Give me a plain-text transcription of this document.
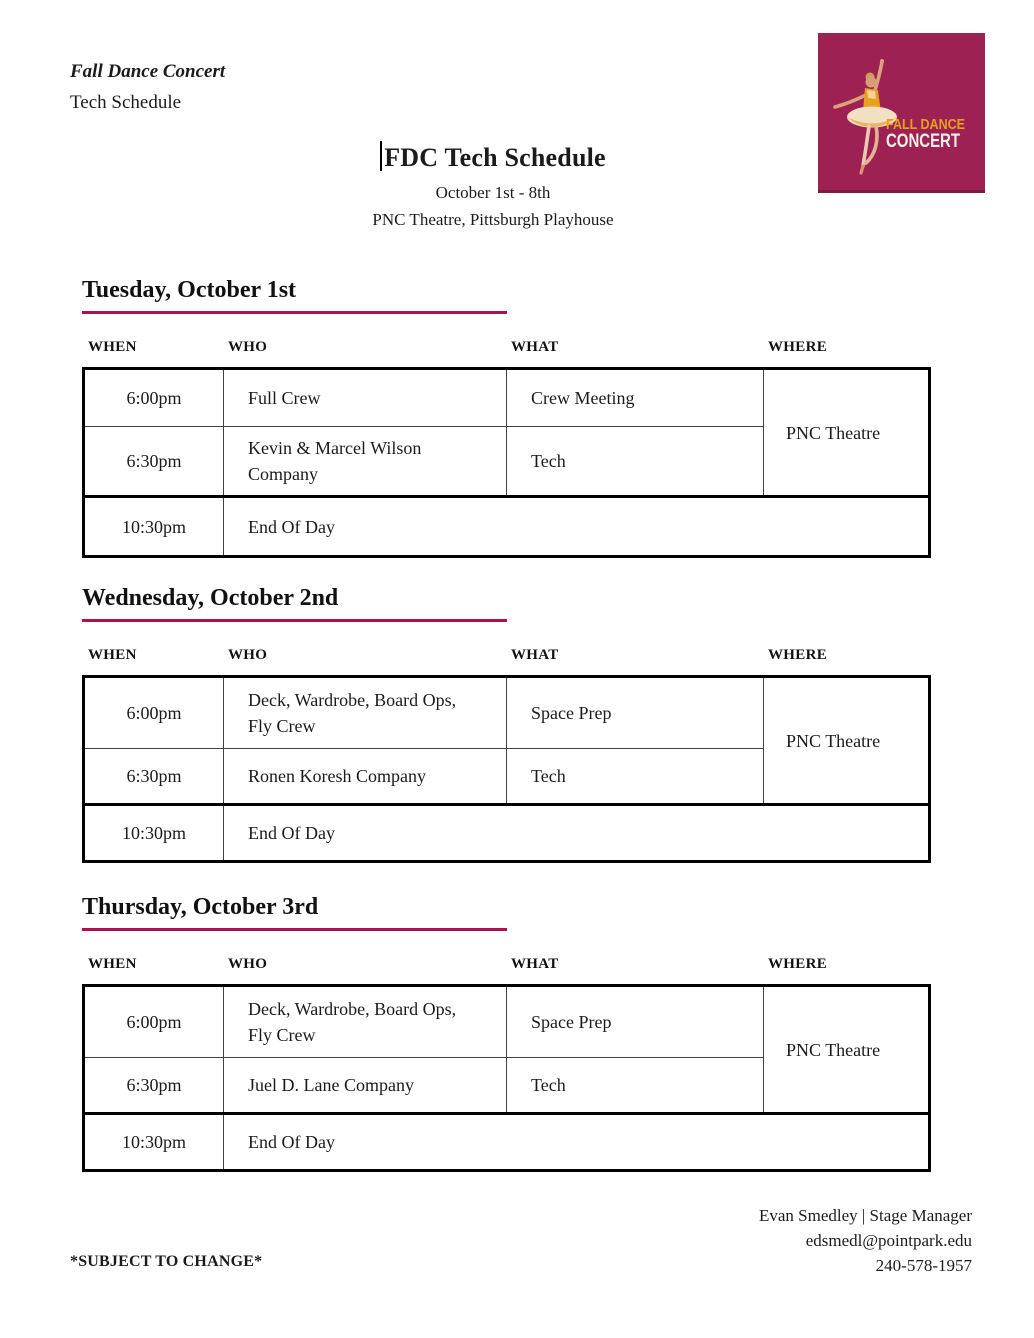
Fall Dance Concert
Tech Schedule
FALL DANCE
CONCERT
FDC Tech Schedule
October 1st - 8th
PNC Theatre, Pittsburgh Playhouse
Tuesday, October 1st
WHEN	WHO	WHAT	WHERE
6:00pm	Full Crew	Crew Meeting	PNC Theatre
6:30pm	Kevin & Marcel Wilson Company	Tech	
10:30pm	End Of Day		
Wednesday, October 2nd
WHEN	WHO	WHAT	WHERE
6:00pm	Deck, Wardrobe, Board Ops, Fly Crew	Space Prep	PNC Theatre
6:30pm	Ronen Koresh Company	Tech	
10:30pm	End Of Day		
Thursday, October 3rd
WHEN	WHO	WHAT	WHERE
6:00pm	Deck, Wardrobe, Board Ops, Fly Crew	Space Prep	PNC Theatre
6:30pm	Juel D. Lane Company	Tech	
10:30pm	End Of Day		
Evan Smedley | Stage Manager
edsmedl@pointpark.edu
240-578-1957
*SUBJECT TO CHANGE*
